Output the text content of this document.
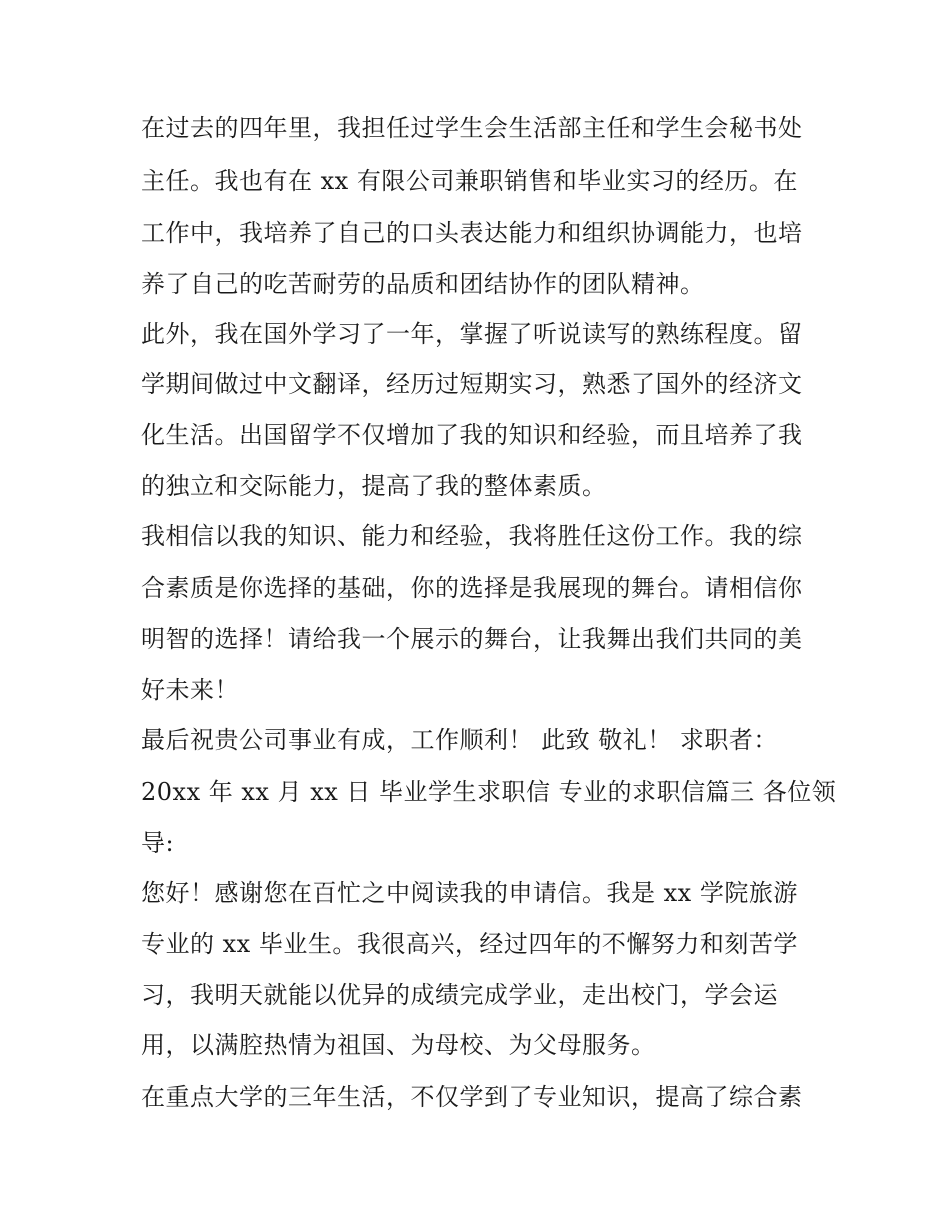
在过去的四年里，我担任过学生会生活部主任和学生会秘书处
主任。我也有在 xx 有限公司兼职销售和毕业实习的经历。在
工作中，我培养了自己的口头表达能力和组织协调能力，也培
养了自己的吃苦耐劳的品质和团结协作的团队精神。
此外，我在国外学习了一年，掌握了听说读写的熟练程度。留
学期间做过中文翻译，经历过短期实习，熟悉了国外的经济文
化生活。出国留学不仅增加了我的知识和经验，而且培养了我
的独立和交际能力，提高了我的整体素质。
我相信以我的知识、能力和经验，我将胜任这份工作。我的综
合素质是你选择的基础，你的选择是我展现的舞台。请相信你
明智的选择！请给我一个展示的舞台，让我舞出我们共同的美
好未来！
最后祝贵公司事业有成，工作顺利！ 此致 敬礼！ 求职者：
20xx 年 xx 月 xx 日 毕业学生求职信 专业的求职信篇三 各位领
导:
您好！感谢您在百忙之中阅读我的申请信。我是 xx 学院旅游
专业的 xx 毕业生。我很高兴，经过四年的不懈努力和刻苦学
习，我明天就能以优异的成绩完成学业，走出校门，学会运
用，以满腔热情为祖国、为母校、为父母服务。
在重点大学的三年生活，不仅学到了专业知识，提高了综合素
